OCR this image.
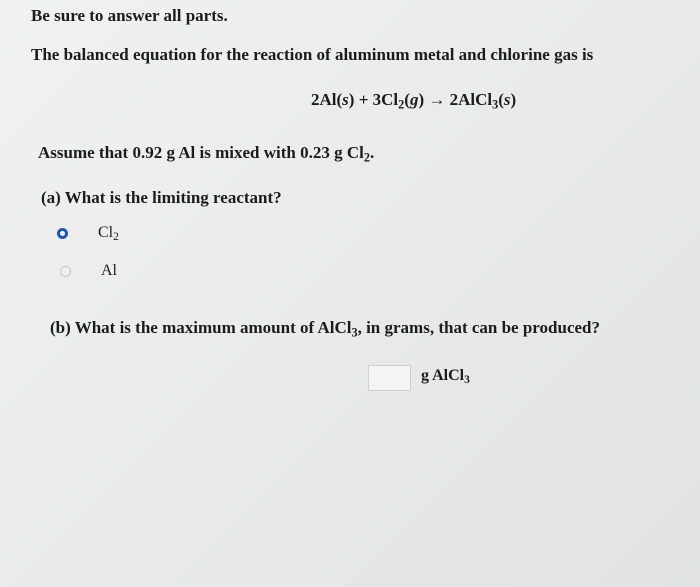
Be sure to answer all parts.
The balanced equation for the reaction of aluminum metal and chlorine gas is
$2Al(s) + 3Cl_2(g)$ → 2AlCl$_3$(s)
Assume that 0.92 g Al is mixed with 0.23 g $Cl_2$.
(a) What is the limiting reactant?
$Cl_2$
Al
(b) What is the maximum amount of AlCl$_3$, in grams, that can be produced?
g AlCl$_3$
